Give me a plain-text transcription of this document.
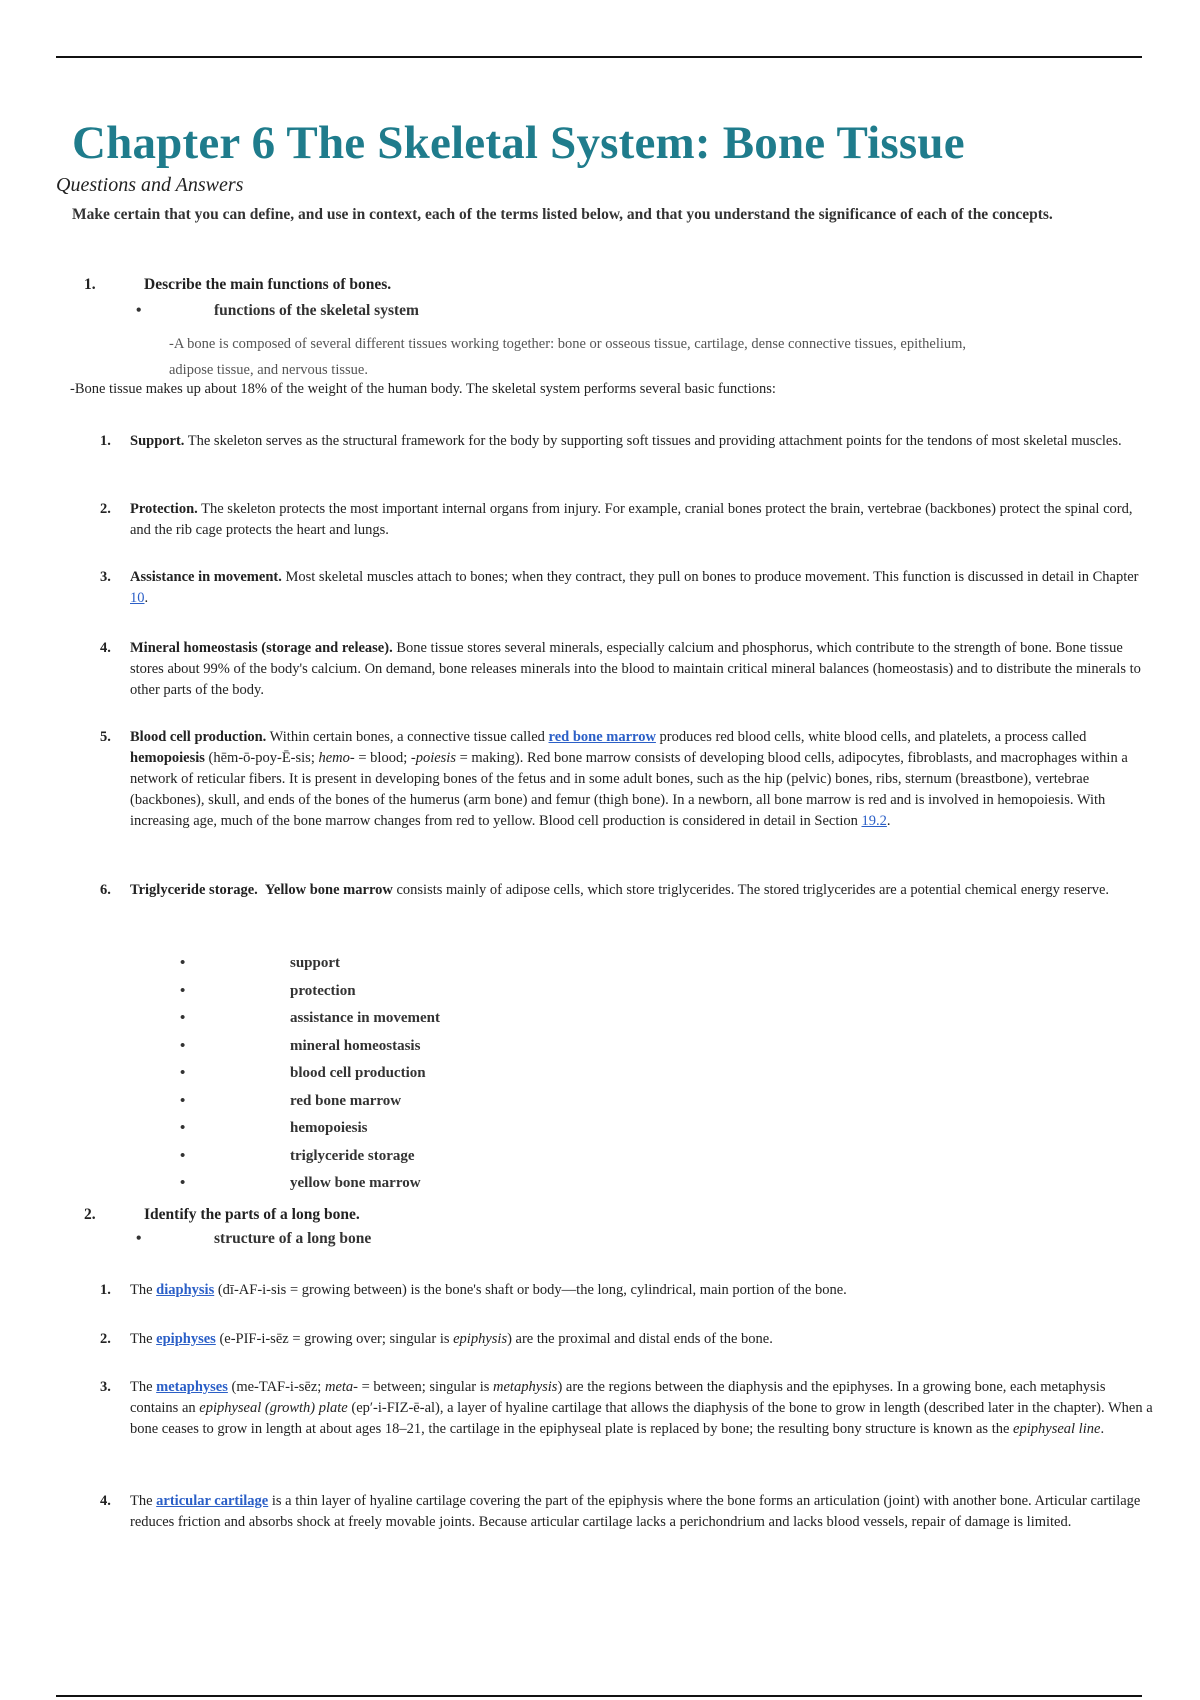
Chapter 6 The Skeletal System: Bone Tissue
Questions and Answers

Make certain that you can define, and use in context, each of the terms listed below, and that you understand the significance of each of the concepts.

1.	Describe the main functions of bones.
•	functions of the skeletal system

-A bone is composed of several different tissues working together: bone or osseous tissue, cartilage, dense connective tissues, epithelium, adipose tissue, and nervous tissue.

-Bone tissue makes up about 18% of the weight of the human body. The skeletal system performs several basic functions:
1. Support. The skeleton serves as the structural framework for the body by supporting soft tissues and providing attachment points for the tendons of most skeletal muscles.
2. Protection. The skeleton protects the most important internal organs from injury. For example, cranial bones protect the brain, vertebrae (backbones) protect the spinal cord, and the rib cage protects the heart and lungs.
3. Assistance in movement. Most skeletal muscles attach to bones; when they contract, they pull on bones to produce movement. This function is discussed in detail in Chapter 10.
4. Mineral homeostasis (storage and release). Bone tissue stores several minerals, especially calcium and phosphorus, which contribute to the strength of bone. Bone tissue stores about 99% of the body's calcium. On demand, bone releases minerals into the blood to maintain critical mineral balances (homeostasis) and to distribute the minerals to other parts of the body.
5. Blood cell production. Within certain bones, a connective tissue called red bone marrow produces red blood cells, white blood cells, and platelets, a process called hemopoiesis (hēm-ō-poy-Ē-sis; hemo- = blood; -poiesis = making). Red bone marrow consists of developing blood cells, adipocytes, fibroblasts, and macrophages within a network of reticular fibers. It is present in developing bones of the fetus and in some adult bones, such as the hip (pelvic) bones, ribs, sternum (breastbone), vertebrae (backbones), skull, and ends of the bones of the humerus (arm bone) and femur (thigh bone). In a newborn, all bone marrow is red and is involved in hemopoiesis. With increasing age, much of the bone marrow changes from red to yellow. Blood cell production is considered in detail in Section 19.2.
6. Triglyceride storage. Yellow bone marrow consists mainly of adipose cells, which store triglycerides. The stored triglycerides are a potential chemical energy reserve.
•	support
•	protection
•	assistance in movement
•	mineral homeostasis
•	blood cell production
•	red bone marrow
•	hemopoiesis
•	triglyceride storage
•	yellow bone marrow
2.	Identify the parts of a long bone.
•	structure of a long bone
1. The diaphysis (dī-AF-i-sis = growing between) is the bone's shaft or body—the long, cylindrical, main portion of the bone.
2. The epiphyses (e-PIF-i-sēz = growing over; singular is epiphysis) are the proximal and distal ends of the bone.
3. The metaphyses (me-TAF-i-sēz; meta- = between; singular is metaphysis) are the regions between the diaphysis and the epiphyses. In a growing bone, each metaphysis contains an epiphyseal (growth) plate (ep′-i-FIZ-ē-al), a layer of hyaline cartilage that allows the diaphysis of the bone to grow in length (described later in the chapter). When a bone ceases to grow in length at about ages 18–21, the cartilage in the epiphyseal plate is replaced by bone; the resulting bony structure is known as the epiphyseal line.
4. The articular cartilage is a thin layer of hyaline cartilage covering the part of the epiphysis where the bone forms an articulation (joint) with another bone. Articular cartilage reduces friction and absorbs shock at freely movable joints. Because articular cartilage lacks a perichondrium and lacks blood vessels, repair of damage is limited.
